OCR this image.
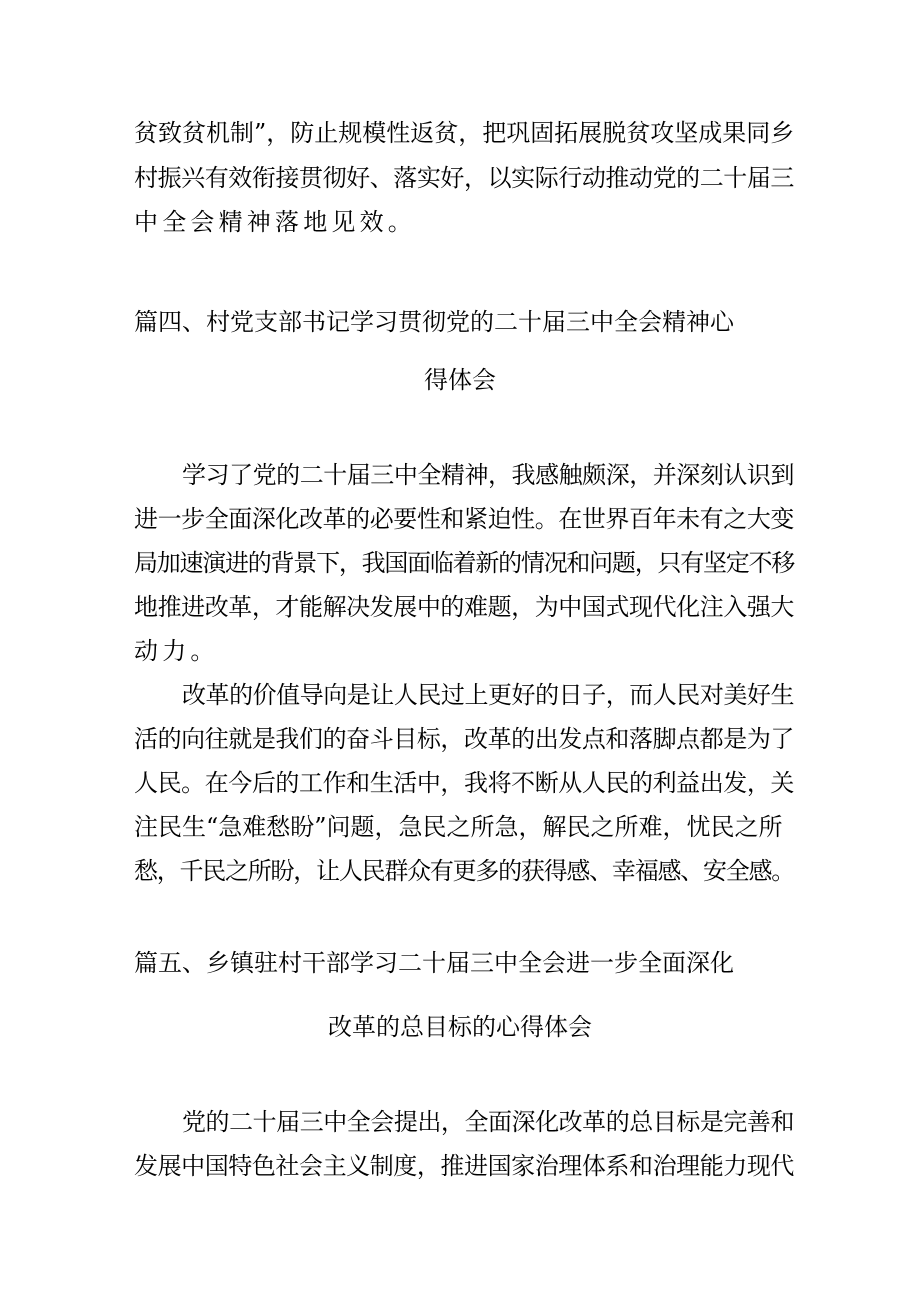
贫致贫机制”，防止规模性返贫，把巩固拓展脱贫攻坚成果同乡
村振兴有效衔接贯彻好、落实好，以实际行动推动党的二十届三
中全会精神落地见效。
篇四、村党支部书记学习贯彻党的二十届三中全会精神心
得体会
学习了党的二十届三中全精神，我感触颇深，并深刻认识到
进一步全面深化改革的必要性和紧迫性。在世界百年未有之大变
局加速演进的背景下，我国面临着新的情况和问题，只有坚定不移
地推进改革，才能解决发展中的难题，为中国式现代化注入强大
动力。
改革的价值导向是让人民过上更好的日子，而人民对美好生
活的向往就是我们的奋斗目标，改革的出发点和落脚点都是为了
人民。在今后的工作和生活中，我将不断从人民的利益出发，关
注民生“急难愁盼”问题，急民之所急，解民之所难，忧民之所
愁，千民之所盼，让人民群众有更多的获得感、幸福感、安全感。
篇五、乡镇驻村干部学习二十届三中全会进一步全面深化
改革的总目标的心得体会
党的二十届三中全会提出，全面深化改革的总目标是完善和
发展中国特色社会主义制度，推进国家治理体系和治理能力现代
